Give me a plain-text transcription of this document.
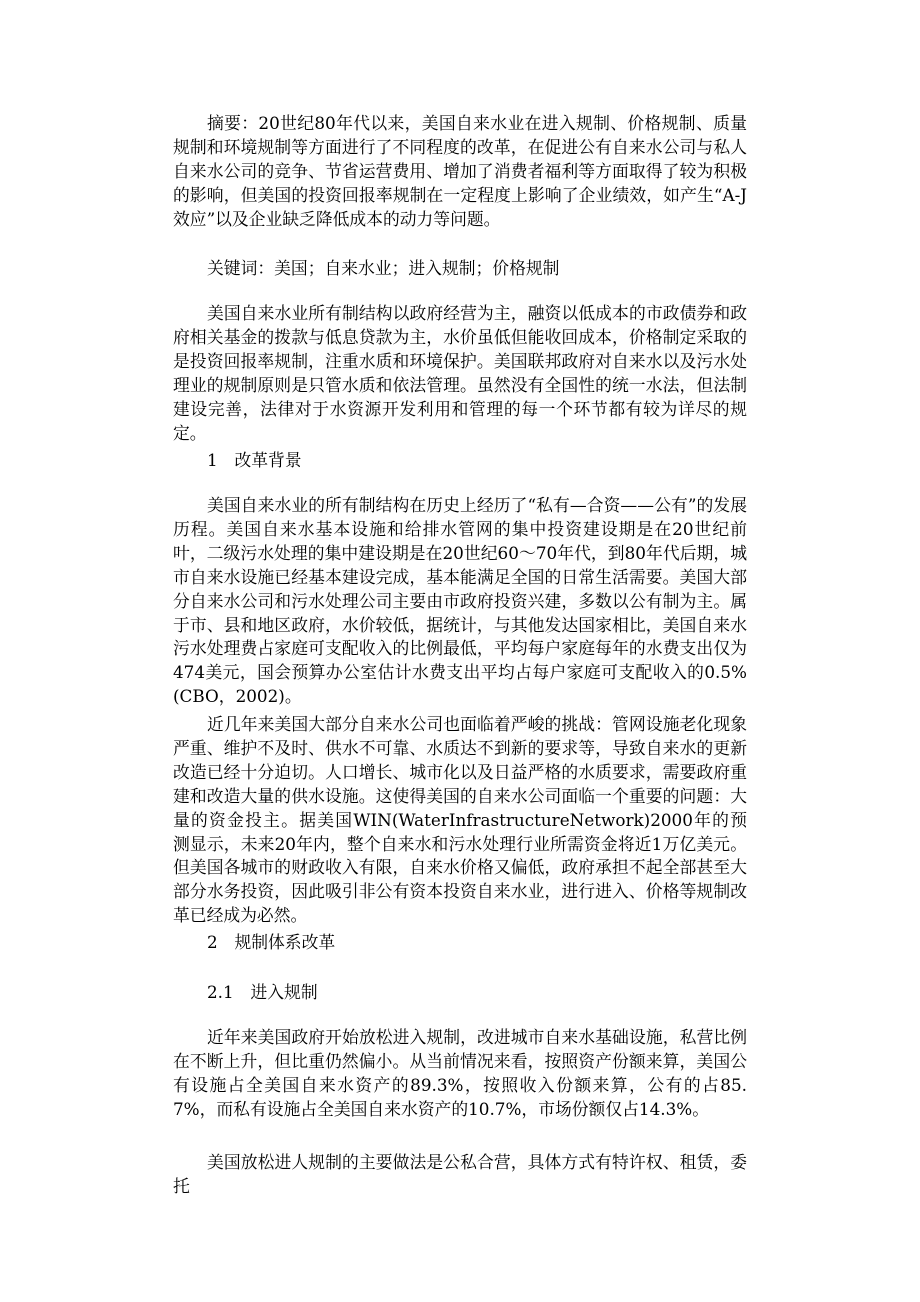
摘要：20世纪80年代以来，美国自来水业在进入规制、价格规制、质量规制和环境规制等方面进行了不同程度的改革，在促进公有自来水公司与私人自来水公司的竞争、节省运营费用、增加了消费者福利等方面取得了较为积极的影响，但美国的投资回报率规制在一定程度上影响了企业绩效，如产生“A-J效应”以及企业缺乏降低成本的动力等问题。

关键词：美国；自来水业；进入规制；价格规制

美国自来水业所有制结构以政府经营为主，融资以低成本的市政债券和政府相关基金的拨款与低息贷款为主，水价虽低但能收回成本，价格制定采取的是投资回报率规制，注重水质和环境保护。美国联邦政府对自来水以及污水处理业的规制原则是只管水质和依法管理。虽然没有全国性的统一水法，但法制建设完善，法律对于水资源开发利用和管理的每一个环节都有较为详尽的规定。

1　改革背景

美国自来水业的所有制结构在历史上经历了“私有—合资——公有”的发展历程。美国自来水基本设施和给排水管网的集中投资建设期是在20世纪前叶，二级污水处理的集中建设期是在20世纪60～70年代，到80年代后期，城市自来水设施已经基本建设完成，基本能满足全国的日常生活需要。美国大部分自来水公司和污水处理公司主要由市政府投资兴建，多数以公有制为主。属于市、县和地区政府，水价较低，据统计，与其他发达国家相比，美国自来水污水处理费占家庭可支配收入的比例最低，平均每户家庭每年的水费支出仅为474美元，国会预算办公室估计水费支出平均占每户家庭可支配收入的0.5%(CBO，2002)。

近几年来美国大部分自来水公司也面临着严峻的挑战：管网设施老化现象严重、维护不及时、供水不可靠、水质达不到新的要求等，导致自来水的更新改造已经十分迫切。人口增长、城市化以及日益严格的水质要求，需要政府重建和改造大量的供水设施。这使得美国的自来水公司面临一个重要的问题：大量的资金投主。据美国WIN(WaterInfrastructureNetwork)2000年的预测显示，未来20年内，整个自来水和污水处理行业所需资金将近1万亿美元。但美国各城市的财政收入有限，自来水价格又偏低，政府承担不起全部甚至大部分水务投资，因此吸引非公有资本投资自来水业，进行进入、价格等规制改革已经成为必然。

2　规制体系改革

2.1　进入规制

近年来美国政府开始放松进入规制，改进城市自来水基础设施，私营比例在不断上升，但比重仍然偏小。从当前情况来看，按照资产份额来算，美国公有设施占全美国自来水资产的89.3%，按照收入份额来算，公有的占85.7%，而私有设施占全美国自来水资产的10.7%，市场份额仅占14.3%。

美国放松进人规制的主要做法是公私合营，具体方式有特许权、租赁，委托
